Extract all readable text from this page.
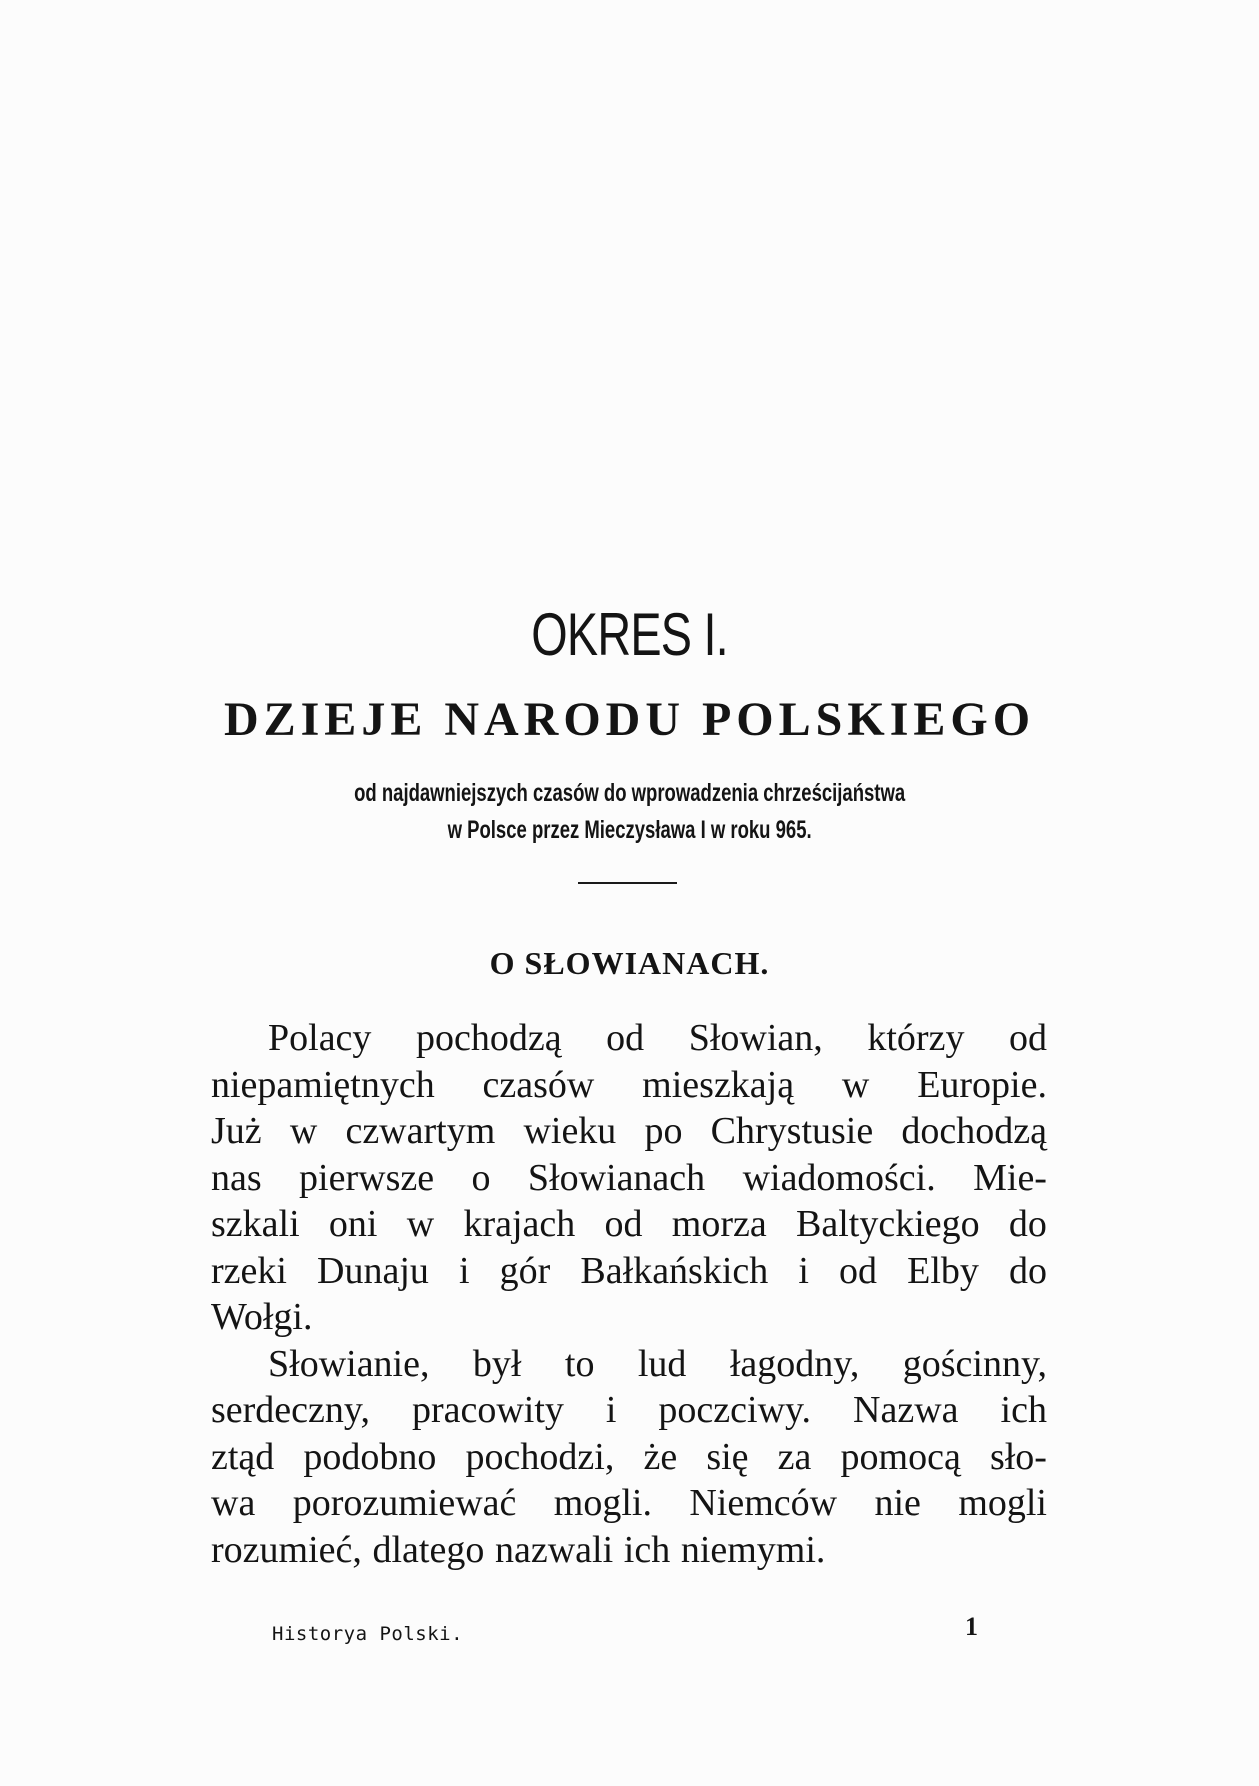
OKRES I.
DZIEJE NARODU POLSKIEGO
od najdawniejszych czasów do wprowadzenia chrześcijaństwa
w Polsce przez Mieczysława I w roku 965.
O SŁOWIANACH.
Polacy pochodzą od Słowian, którzy od
niepamiętnych czasów mieszkają w Europie.
Już w czwartym wieku po Chrystusie dochodzą
nas pierwsze o Słowianach wiadomości. Mie-
szkali oni w krajach od morza Baltyckiego do
rzeki Dunaju i gór Bałkańskich i od Elby do
Wołgi.
Słowianie, był to lud łagodny, gościnny,
serdeczny, pracowity i poczciwy. Nazwa ich
ztąd podobno pochodzi, że się za pomocą sło-
wa porozumiewać mogli. Niemców nie mogli
rozumieć, dlatego nazwali ich niemymi.
Historya Polski.	1
